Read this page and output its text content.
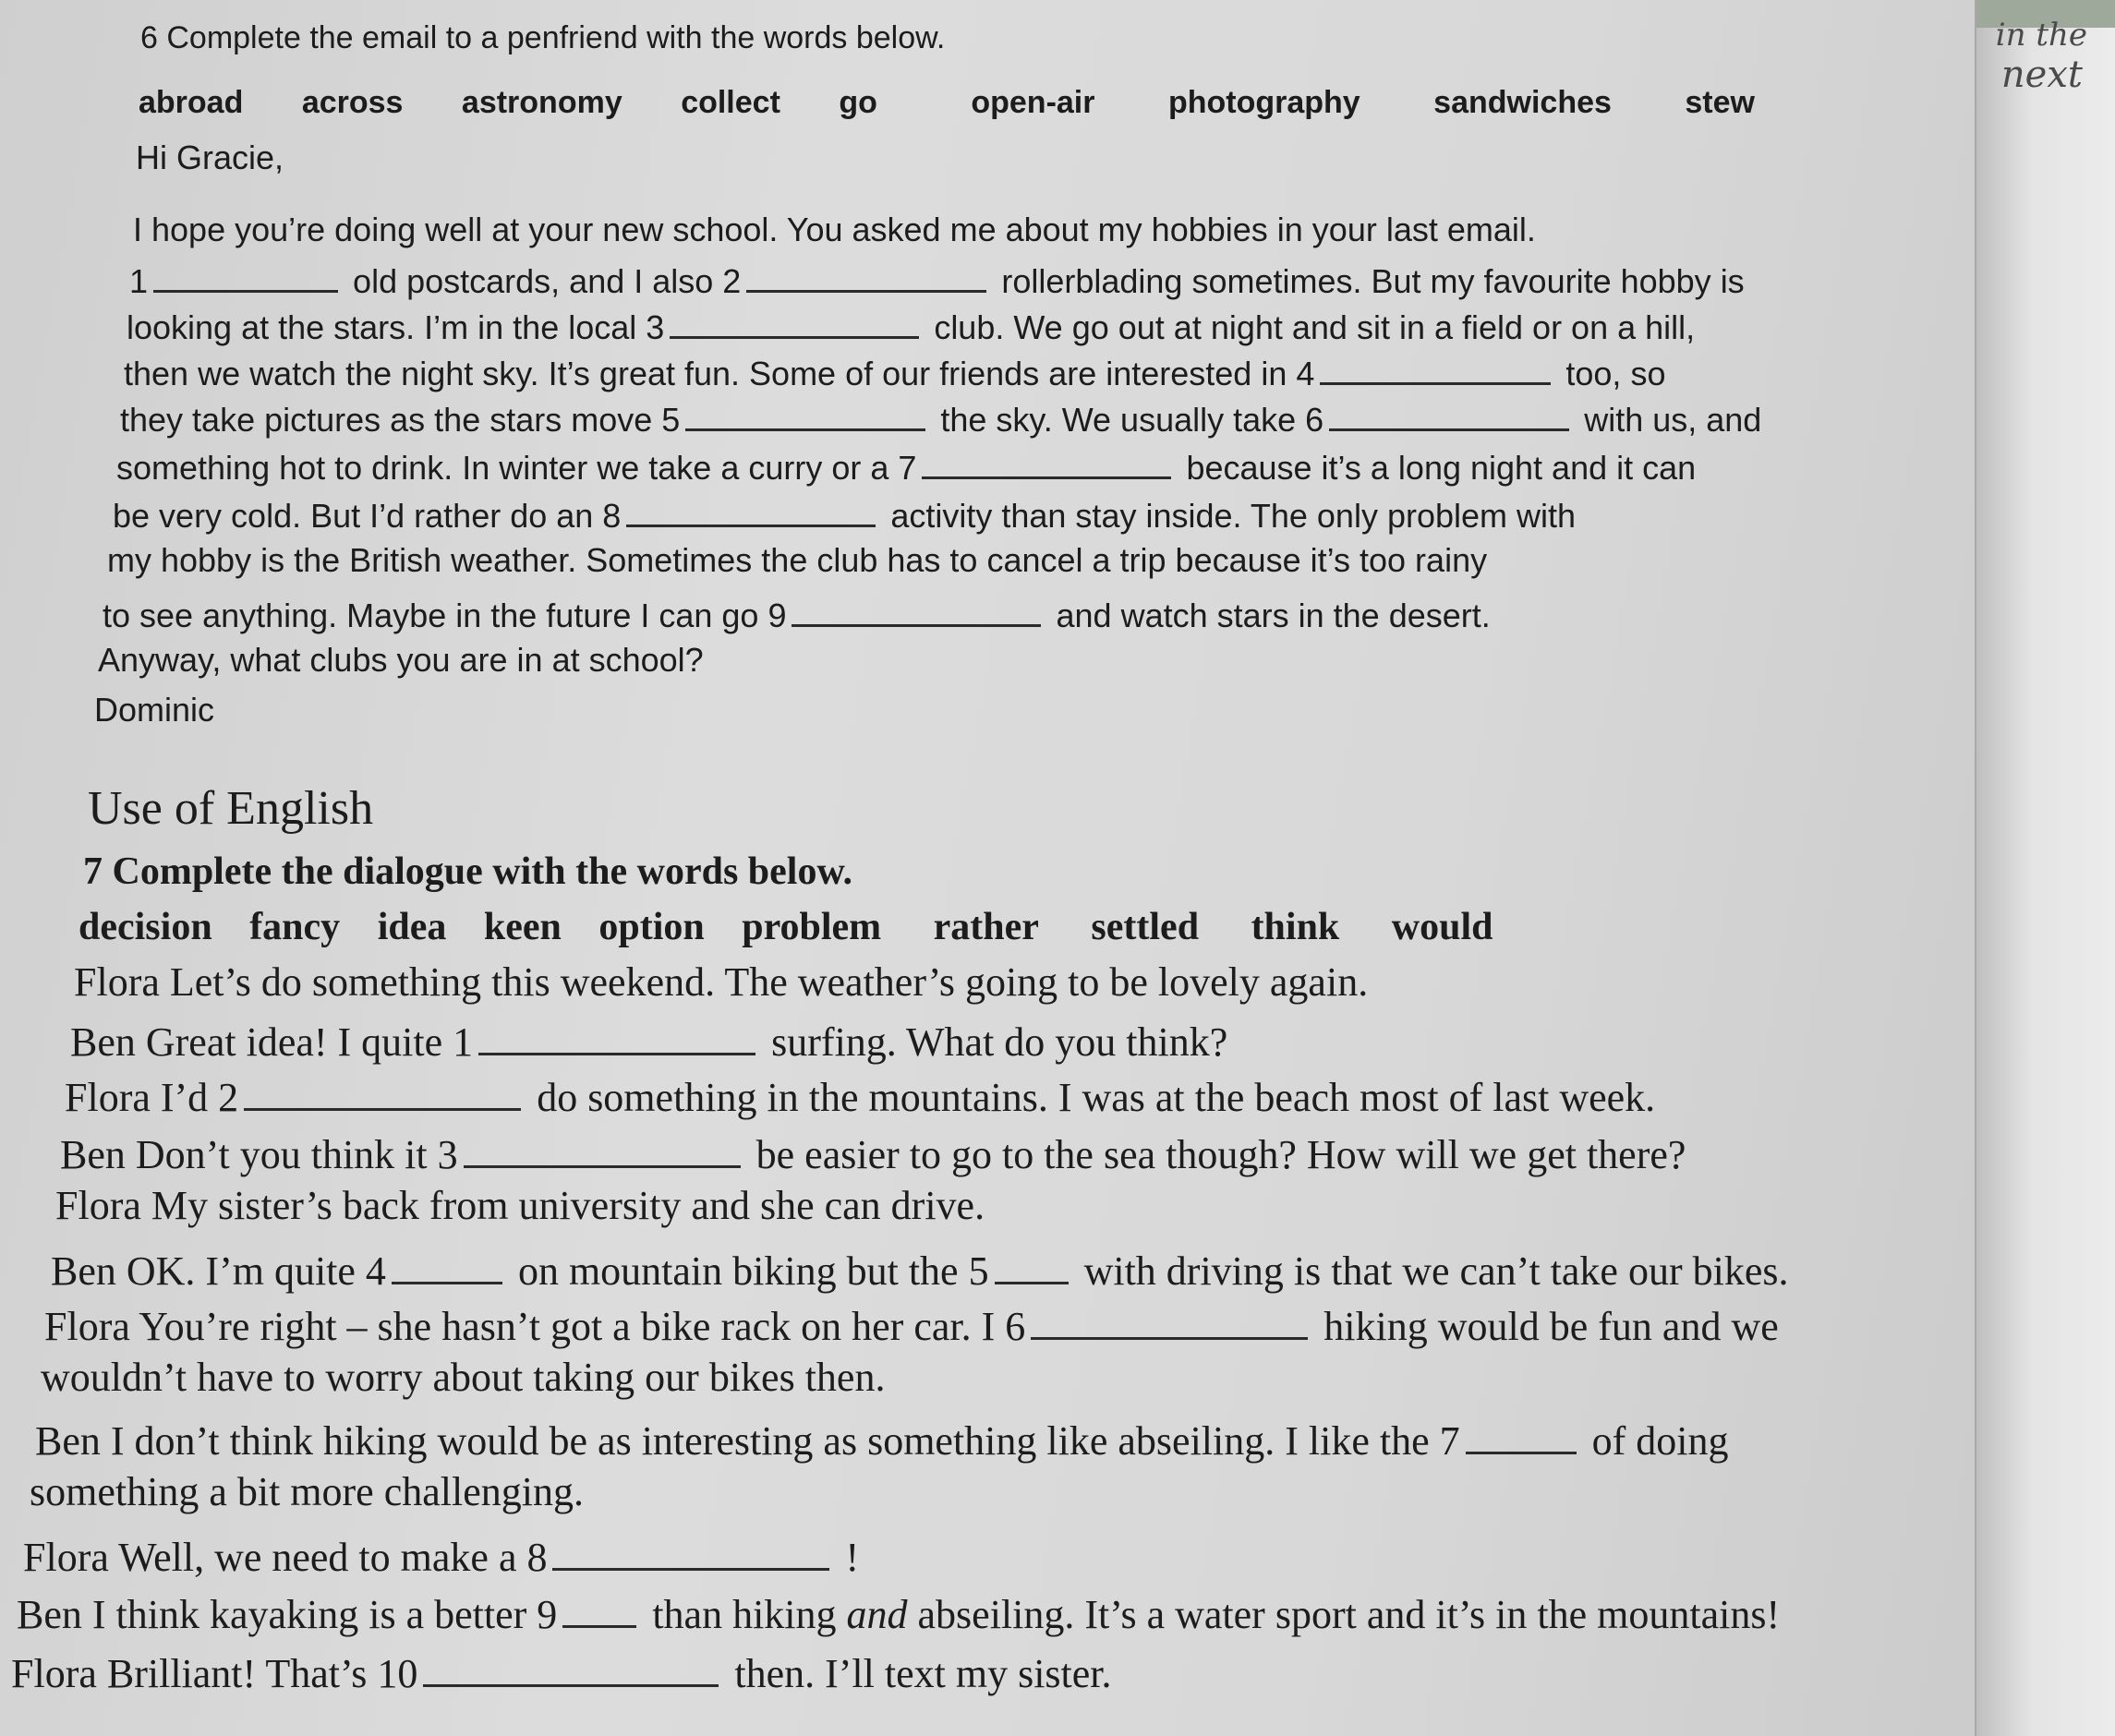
in the
next
6 Complete the email to a penfriend with the words below.
abroad across astronomy collect go	open-air photography sandwiches stew
Hi Gracie,
I hope you’re doing well at your new school. You asked me about my hobbies in your last email.
1	old postcards, and I also 2	rollerblading sometimes. But my favourite hobby is
looking at the stars. I’m in the local 3	club. We go out at night and sit in a field or on a hill,
then we watch the night sky. It’s great fun. Some of our friends are interested in 4	too, so
they take pictures as the stars move 5	the sky. We usually take 6	with us, and
something hot to drink. In winter we take a curry or a 7	because it’s a long night and it can
be very cold. But I’d rather do an 8	activity than stay inside. The only problem with
my hobby is the British weather. Sometimes the club has to cancel a trip because it’s too rainy
to see anything. Maybe in the future I can go 9	and watch stars in the desert.
Anyway, what clubs you are in at school?
Dominic
Use of English
7 Complete the dialogue with the words below.
decision fancy idea keen option problem rather settled think would
Flora Let’s do something this weekend. The weather’s going to be lovely again.
Ben Great idea! I quite 1	surfing. What do you think?
Flora I’d 2	do something in the mountains. I was at the beach most of last week.
Ben Don’t you think it 3	be easier to go to the sea though? How will we get there?
Flora My sister’s back from university and she can drive.
Ben OK. I’m quite 4	on mountain biking but the 5 with driving is that we can’t take our bikes.
Flora You’re right – she hasn’t got a bike rack on her car. I 6	hiking would be fun and we
wouldn’t have to worry about taking our bikes then.
Ben I don’t think hiking would be as interesting as something like abseiling. I like the 7	of doing
something a bit more challenging.
Flora Well, we need to make a 8	!
Ben I think kayaking is a better 9 than hiking and abseiling. It’s a water sport and it’s in the mountains!
Flora Brilliant! That’s 10	then. I’ll text my sister.
